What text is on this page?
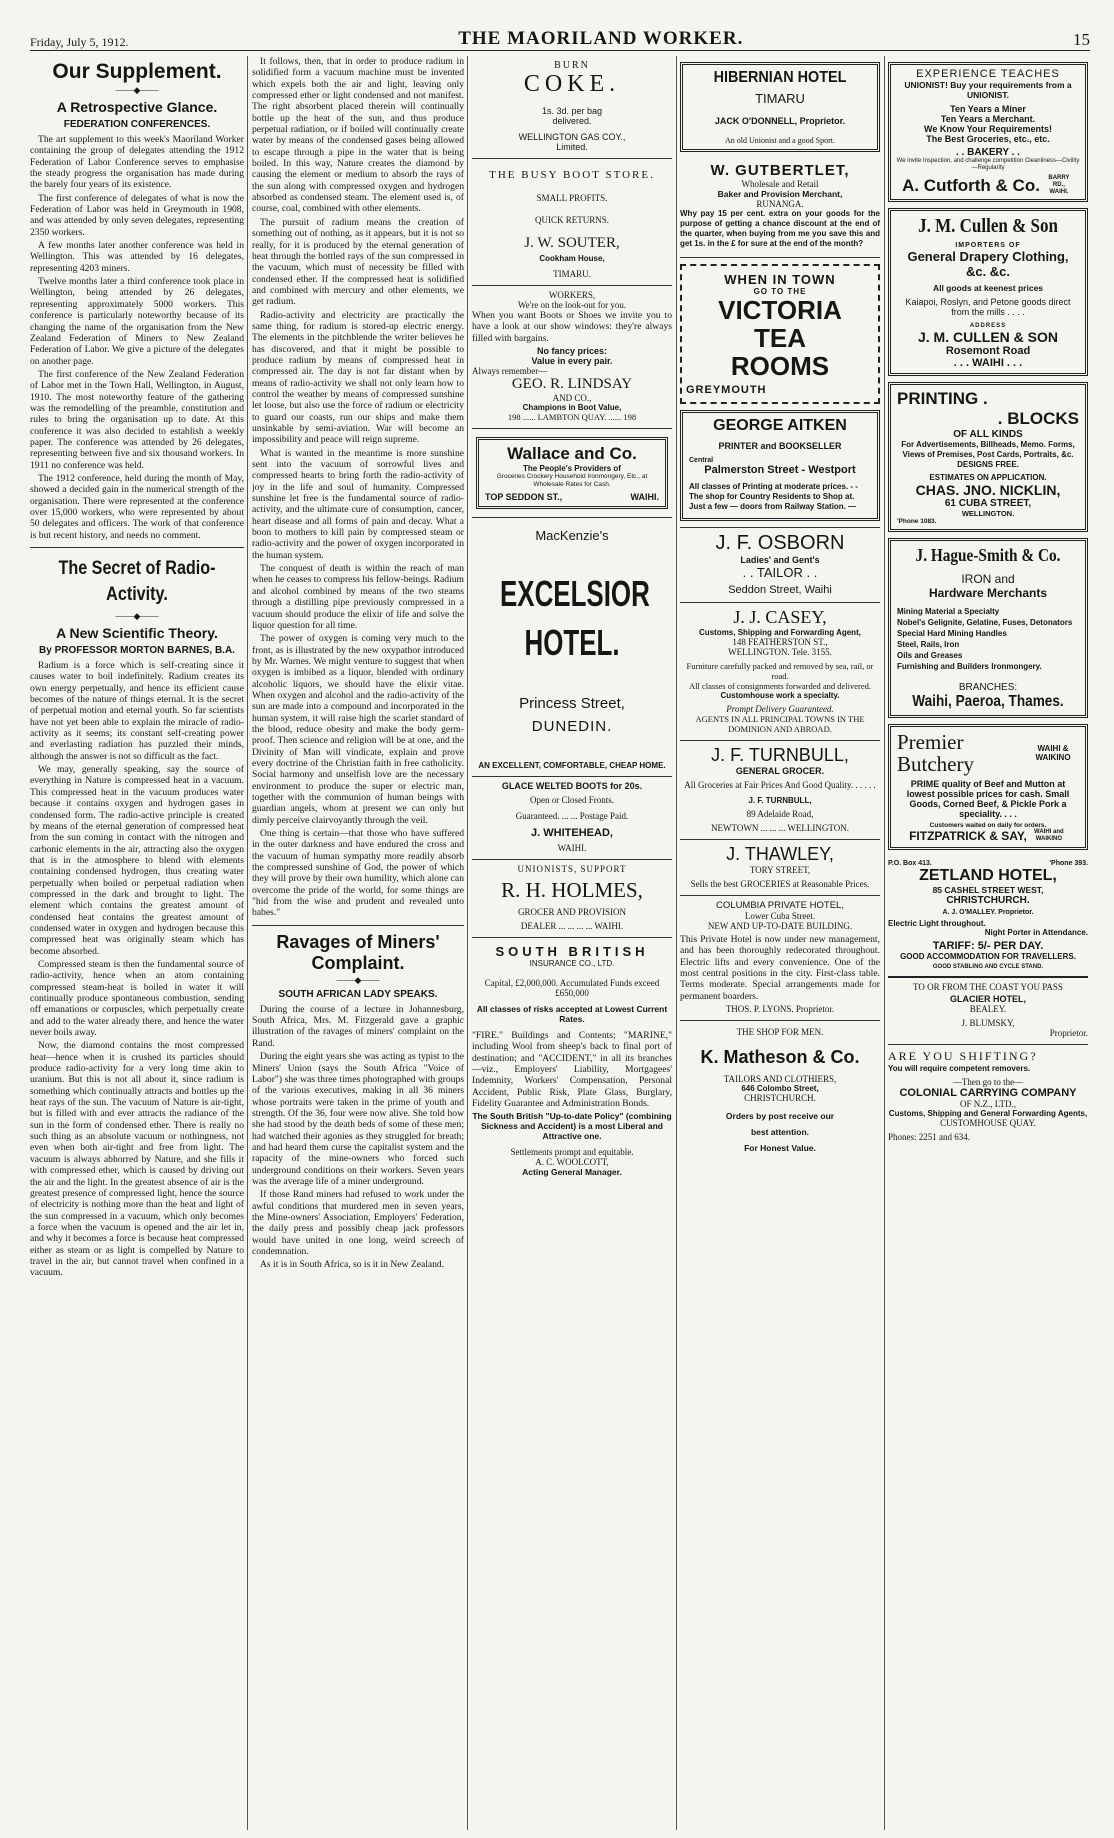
Friday, July 5, 1912.	THE MAORILAND WORKER.	15
Our Supplement.
——◆——
A Retrospective Glance.
FEDERATION CONFERENCES.

The art supplement to this week's Maoriland Worker containing the group of delegates attending the 1912 Federation of Labor Conference serves to emphasise the steady progress the organisation has made during the barely four years of its existence.

The first conference of delegates of what is now the Federation of Labor was held in Greymouth in 1908, and was attended by only seven delegates, representing 2350 workers.

A few months later another conference was held in Wellington. This was attended by 16 delegates, representing 4203 miners.

Twelve months later a third conference took place in Wellington, being attended by 26 delegates, representing approximately 5000 workers. This conference is particularly noteworthy because of its changing the name of the organisation from the New Zealand Federation of Miners to New Zealand Federation of Labor. We give a picture of the delegates on another page.

The first conference of the New Zealand Federation of Labor met in the Town Hall, Wellington, in August, 1910. The most noteworthy feature of the gathering was the remodelling of the preamble, constitution and rules to bring the organisation up to date. At this conference it was also decided to establish a weekly paper. The conference was attended by 26 delegates, representing between five and six thousand workers. In 1911 no conference was held.

The 1912 conference, held during the month of May, showed a decided gain in the numerical strength of the organisation. There were represented at the conference over 15,000 workers, who were represented by about 50 delegates and officers. The work of that conference is but recent history, and needs no comment.

The Secret of Radio-Activity.
——◆——
A New Scientific Theory.
By PROFESSOR MORTON BARNES, B.A.

Radium is a force which is self-creating since it causes water to boil indefinitely. Radium creates its own energy perpetually, and hence its efficient cause becomes of the nature of things eternal. It is the secret of perpetual motion and eternal youth. So far scientists have not yet been able to explain the miracle of radio-activity as it seems; its constant self-creating power and everlasting radiation has puzzled their minds, although the answer is not so difficult as the fact.

We may, generally speaking, say the source of everything in Nature is compressed heat in a vacuum. This compressed heat in the vacuum produces water because it contains oxygen and hydrogen gases in condensed form. The radio-active principle is created by means of the eternal generation of compressed heat from the sun coming in contact with the nitrogen and carbonic elements in the air, attracting also the oxygen that is in the atmosphere to blend with elements containing condensed hydrogen, thus creating water perpetually when boiled or perpetual radiation when compressed in the dark and brought to light. The element which contains the greatest amount of condensed heat contains the greatest amount of condensed water in oxygen and hydrogen because this compressed heat was originally steam which has become absorbed.

Compressed steam is then the fundamental source of radio-activity, hence when an atom containing compressed steam-heat is boiled in water it will continually produce spontaneous combustion, sending off emanations or corpuscles, which perpetually create and add to the water already there, and hence the water never boils away.

Now, the diamond contains the most compressed heat—hence when it is crushed its particles should produce radio-activity for a very long time akin to uranium. But this is not all about it, since radium is something which continually attracts and bottles up the heat rays of the sun. The vacuum of Nature is air-tight, but is filled with and ever attracts the radiance of the sun in the form of condensed ether. There is really no such thing as an absolute vacuum or nothingness, not even when both air-tight and free from light. The vacuum is always abhorred by Nature, and she fills it with compressed ether, which is caused by driving out the air and the light. In the greatest absence of air is the greatest presence of compressed light, hence the source of electricity is nothing more than the heat and light of the sun compressed in a vacuum, which only becomes a force when the vacuum is opened and the air let in, and why it becomes a force is because heat compressed either as steam or as light is compelled by Nature to travel in the air, but cannot travel when confined in a vacuum.

It follows, then, that in order to produce radium in solidified form a vacuum machine must be invented which expels both the air and light, leaving only compressed ether or light condensed and not manifest. The right absorbent placed therein will continually bottle up the heat of the sun, and thus produce perpetual radiation, or if boiled will continually create water by means of the condensed gases being allowed to escape through a pipe in the water that is being boiled. In this way, Nature creates the diamond by causing the element or medium to absorb the rays of the sun along with compressed oxygen and hydrogen absorbed as condensed steam. The element used is, of course, coal, combined with other elements.

The pursuit of radium means the creation of something out of nothing, as it appears, but it is not so really, for it is produced by the eternal generation of heat through the bottled rays of the sun compressed in the vacuum, which must of necessity be filled with condensed ether. If the compressed heat is solidified and combined with mercury and other elements, we get radium.

Radio-activity and electricity are practically the same thing, for radium is stored-up electric energy. The elements in the pitchblende the writer believes he has discovered, and that it might be possible to produce radium by means of compressed heat in compressed air. The day is not far distant when by means of radio-activity we shall not only learn how to control the weather by means of compressed sunshine let loose, but also use the force of radium or electricity to guard our coasts, run our ships and make them unsinkable by semi-aviation. War will become an impossibility and peace will reign supreme.

What is wanted in the meantime is more sunshine sent into the vacuum of sorrowful lives and compressed hearts to bring forth the radio-activity of joy in the life and soul of humanity. Compressed sunshine let free is the fundamental source of radio-activity, and the ultimate cure of consumption, cancer, heart disease and all forms of pain and decay. What a boon to mothers to kill pain by compressed steam or radio-activity and the power of oxygen incorporated in the human system.

The conquest of death is within the reach of man when he ceases to compress his fellow-beings. Radium and alcohol combined by means of the two steams through a distilling pipe previously compressed in a vacuum should produce the elixir of life and solve the liquor question for all time.

The power of oxygen is coming very much to the front, as is illustrated by the new oxypathor introduced by Mr. Warnes. We might venture to suggest that when oxygen is imbibed as a liquor, blended with ordinary alcoholic liquors, we should have the elixir vitae. When oxygen and alcohol and the radio-activity of the sun are made into a compound and incorporated in the human system, it will raise high the scarlet standard of the blood, reduce obesity and make the body germ-proof. Then science and religion will be at one, and the Divinity of Man will vindicate, explain and prove every doctrine of the Christian faith in free catholicity. Social harmony and unselfish love are the necessary environment to produce the super or electric man, together with the communion of human beings with guardian angels, whom at present we can only but dimly perceive clairvoyantly through the veil.

One thing is certain—that those who have suffered in the outer darkness and have endured the cross and the vacuum of human sympathy more readily absorb the compressed sunshine of God, the power of which they will prove by their own humility, which alone can overcome the pride of the world, for some things are "hid from the wise and prudent and revealed unto babes."

Ravages of Miners' Complaint.
——◆——
SOUTH AFRICAN LADY SPEAKS.

During the course of a lecture in Johannesburg, South Africa, Mrs. M. Fitzgerald gave a graphic illustration of the ravages of miners' complaint on the Rand.

During the eight years she was acting as typist to the Miners' Union (says the South Africa "Voice of Labor") she was three times photographed with groups of the various executives, making in all 36 miners whose portraits were taken in the prime of youth and strength. Of the 36, four were now alive. She told how she had stood by the death beds of some of these men; had watched their agonies as they struggled for breath; and had heard them curse the capitalist system and the rapacity of the mine-owners who forced such underground conditions on their workers. Seven years was the average life of a miner underground.

If those Rand miners had refused to work under the awful conditions that murdered men in seven years, the Mine-owners' Association, Employers' Federation, the daily press and possibly cheap jack professors would have united in one long, weird screech of condemnation.

As it is in South Africa, so is it in New Zealand.

BURN
COKE.
1s. 3d. per bag
delivered.
WELLINGTON GAS COY.,
Limited.
THE BUSY BOOT STORE.
SMALL PROFITS.
QUICK RETURNS.
J. W. SOUTER,
Cookham House,
TIMARU.
WORKERS,
We're on the look-out for you.

When you want Boots or Shoes we invite you to have a look at our show windows: they're always filled with bargains.

No fancy prices:
Value in every pair.
Always remember—
GEO. R. LINDSAY
AND CO.,
Champions in Boot Value,
198 ...... LAMBTON QUAY. ...... 198
Wallace and Co.
The People's Providers of
Groceries Crockery Household Ironmongery, Etc., at Wholesale Rates for Cash.
TOP SEDDON ST.,	WAIHI.
MacKenzie's
EXCELSIOR
HOTEL.
Princess Street,
DUNEDIN.
AN EXCELLENT, COMFORTABLE, CHEAP HOME.
GLACE WELTED BOOTS for 20s.
Open or Closed Fronts.
Guaranteed. ... ... Postage Paid.
J. WHITEHEAD,
WAIHI.
UNIONISTS, SUPPORT
R. H. HOLMES,
GROCER AND PROVISION
DEALER ... ... ... ... WAIHI.
SOUTH BRITISH
INSURANCE CO., LTD.
Capital, £2,000,000. Accumulated Funds exceed £650,000
All classes of risks accepted at Lowest Current Rates.

"FIRE." Buildings and Contents; "MARINE," including Wool from sheep's back to final port of destination; and "ACCIDENT," in all its branches—viz., Employers' Liability, Mortgagees' Indemnity, Workers' Compensation, Personal Accident, Public Risk, Plate Glass, Burglary, Fidelity Guarantee and Administration Bonds.

The South British "Up-to-date Policy" (combining Sickness and Accident) is a most Liberal and Attractive one.
Settlements prompt and equitable.
A. C. WOOLCOTT,
Acting General Manager.
HIBERNIAN HOTEL
TIMARU
JACK O'DONNELL, Proprietor.
An old Unionist and a good Sport.
W. GUTBERTLET,
Wholesale and Retail
Baker and Provision Merchant,
RUNANGA.

Why pay 15 per cent. extra on your goods for the purpose of getting a chance discount at the end of the quarter, when buying from me you save this and get 1s. in the £ for sure at the end of the month?

WHEN IN TOWN
GO TO THE
VICTORIA
TEA
ROOMS
GREYMOUTH
GEORGE AITKEN
PRINTER and BOOKSELLER
Central
Palmerston Street - Westport

All classes of Printing at moderate prices. - - The shop for Country Residents to Shop at. Just a few — doors from Railway Station. —

J. F. OSBORN
Ladies' and Gent's
. . TAILOR . .
Seddon Street, Waihi
J. J. CASEY,
Customs, Shipping and Forwarding Agent,
148 FEATHERSTON ST.,
WELLINGTON. Tele. 3155.
Furniture carefully packed and removed by sea, rail, or road.
All classes of consignments forwarded and delivered.
Customhouse work a specialty.
Prompt Delivery Guaranteed.
AGENTS IN ALL PRINCIPAL TOWNS IN THE DOMINION AND ABROAD.
J. F. TURNBULL,
GENERAL GROCER.
All Groceries at Fair Prices And Good Quality. . . . . .
J. F. TURNBULL,
89 Adelaide Road,
NEWTOWN ... ... ... WELLINGTON.
J. THAWLEY,
TORY STREET,
Sells the best GROCERIES at Reasonable Prices.
COLUMBIA PRIVATE HOTEL,
Lower Cuba Street.
NEW AND UP-TO-DATE BUILDING.

This Private Hotel is now under new management, and has been thoroughly redecorated throughout. Electric lifts and every convenience. One of the most central positions in the city. First-class table. Terms moderate. Special arrangements made for permanent boarders.

THOS. P. LYONS. Proprietor.
THE SHOP FOR MEN.
K. Matheson & Co.
TAILORS AND CLOTHIERS,
646 Colombo Street,
CHRISTCHURCH.
Orders by post receive our
best attention.
For Honest Value.
EXPERIENCE TEACHES
UNIONIST! Buy your requirements from a UNIONIST.
Ten Years a Miner
Ten Years a Merchant.
We Know Your Requirements!
The Best Groceries, etc., etc.
. . BAKERY . .
We invite Inspection, and challenge competition Cleanliness—Civility—Regularity
A. Cutforth & Co.	BARRY RD., WAIHI.
J. M. Cullen & Son
IMPORTERS OF
General Drapery Clothing, &c. &c.
All goods at keenest prices
Kaiapoi, Roslyn, and Petone goods direct from the mills . . . .
ADDRESS
J. M. CULLEN & SON
Rosemont Road
. . . WAIHI . . .
PRINTING .
. BLOCKS
OF ALL KINDS
For Advertisements, Billheads, Memo. Forms, Views of Premises, Post Cards, Portraits, &c. DESIGNS FREE.
ESTIMATES ON APPLICATION.
CHAS. JNO. NICKLIN,
61 CUBA STREET,
WELLINGTON.
'Phone 1083.
J. Hague-Smith & Co.
IRON and
Hardware Merchants
Mining Material a Specialty
Nobel's Gelignite, Gelatine, Fuses, Detonators
Special Hard Mining Handles
Steel, Rails, Iron
Oils and Greases
Furnishing and Builders Ironmongery.
BRANCHES:
Waihi, Paeroa, Thames.
Premier
Butchery
WAIHI & WAIKINO
PRIME quality of Beef and Mutton at lowest possible prices for cash. Small Goods, Corned Beef, & Pickle Pork a speciality. . . .
Customers waited on daily for orders.
FITZPATRICK & SAY,	WAIHI and WAIKINO
P.O. Box 413.	'Phone 393.
ZETLAND HOTEL,
85 CASHEL STREET WEST,
CHRISTCHURCH.
A. J. O'MALLEY. Proprietor.
Electric Light throughout.
Night Porter in Attendance.
TARIFF: 5/- PER DAY.
GOOD ACCOMMODATION FOR TRAVELLERS.
GOOD STABLING AND CYCLE STAND.
TO OR FROM THE COAST YOU PASS
GLACIER HOTEL,
BEALEY.
J. BLUMSKY,
Proprietor.
ARE YOU SHIFTING?
You will require competent removers.
—Then go to the—
COLONIAL CARRYING COMPANY
OF N.Z., LTD.,
Customs, Shipping and General Forwarding Agents,
CUSTOMHOUSE QUAY.
Phones: 2251 and 634.
